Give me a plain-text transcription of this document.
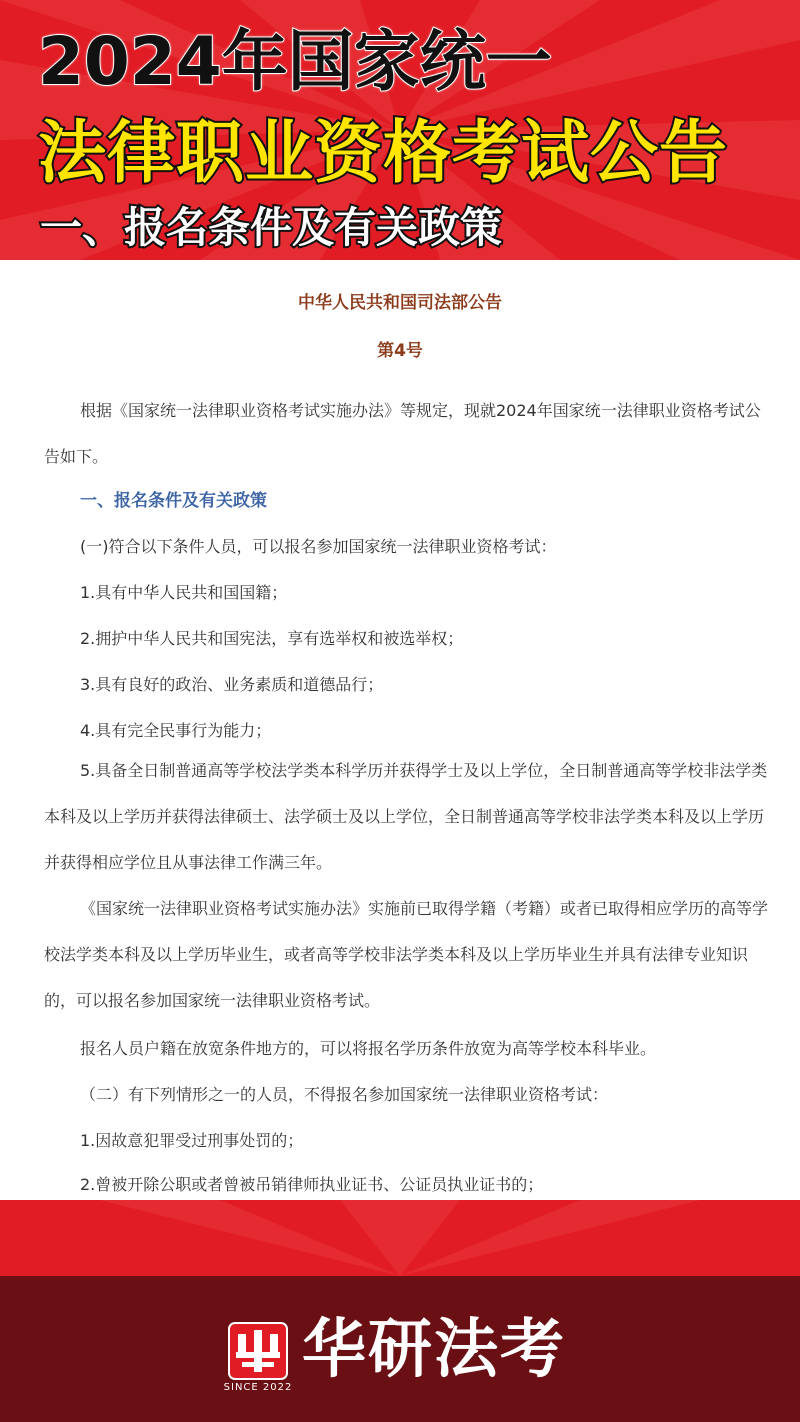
2024年国家统一
法律职业资格考试公告
一、报名条件及有关政策
中华人民共和国司法部公告
第4号
根据《国家统一法律职业资格考试实施办法》等规定，现就2024年国家统一法律职业资格考试公告如下。
一、报名条件及有关政策
(一)符合以下条件人员，可以报名参加国家统一法律职业资格考试：
1.具有中华人民共和国国籍；
2.拥护中华人民共和国宪法，享有选举权和被选举权；
3.具有良好的政治、业务素质和道德品行；
4.具有完全民事行为能力；
5.具备全日制普通高等学校法学类本科学历并获得学士及以上学位，全日制普通高等学校非法学类本科及以上学历并获得法律硕士、法学硕士及以上学位，全日制普通高等学校非法学类本科及以上学历并获得相应学位且从事法律工作满三年。
《国家统一法律职业资格考试实施办法》实施前已取得学籍（考籍）或者已取得相应学历的高等学校法学类本科及以上学历毕业生，或者高等学校非法学类本科及以上学历毕业生并具有法律专业知识的，可以报名参加国家统一法律职业资格考试。
报名人员户籍在放宽条件地方的，可以将报名学历条件放宽为高等学校本科毕业。
（二）有下列情形之一的人员，不得报名参加国家统一法律职业资格考试：
1.因故意犯罪受过刑事处罚的；
2.曾被开除公职或者曾被吊销律师执业证书、公证员执业证书的；
SINCE 2022
华研法考
